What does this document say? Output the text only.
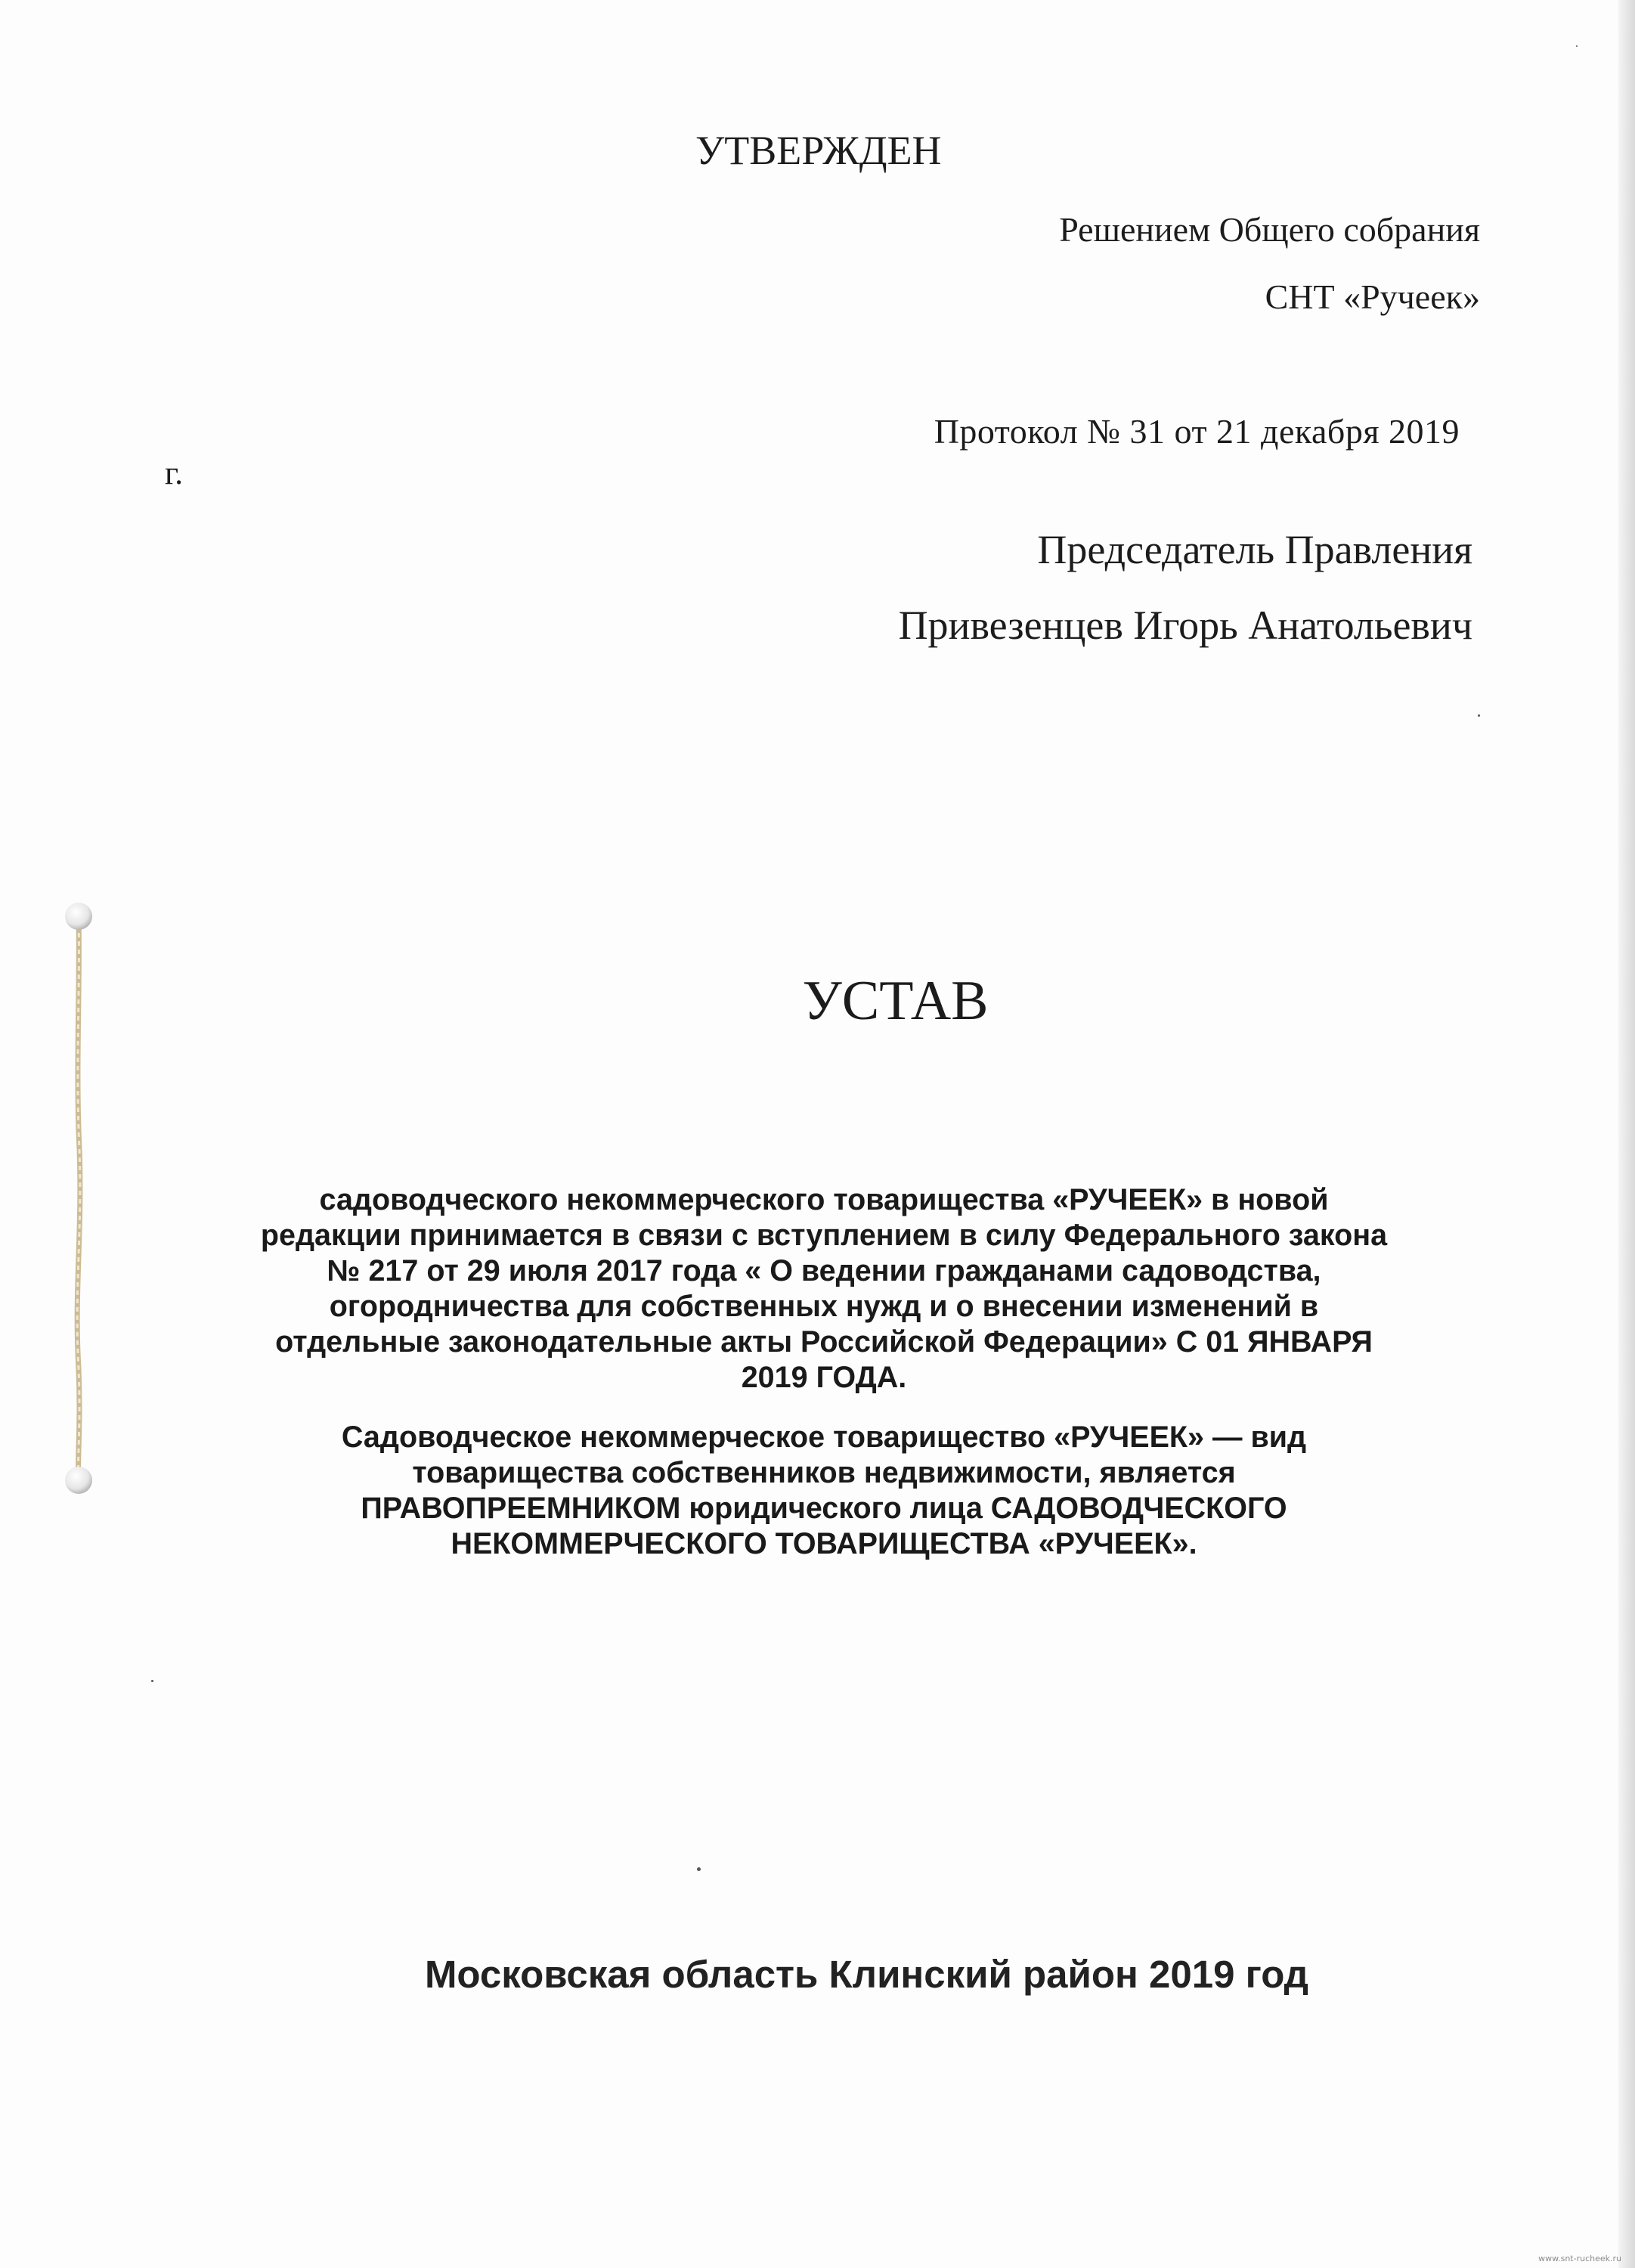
УТВЕРЖДЕН
Решением Общего собрания
СНТ «Ручеек»
Протокол № 31 от 21 декабря 2019
г.
Председатель Правления
Привезенцев Игорь Анатольевич
УСТАВ
садоводческого некоммерческого товарищества «РУЧЕЕК» в новой
редакции принимается в связи с вступлением в силу Федерального закона
№ 217 от 29 июля 2017 года « О ведении гражданами садоводства,
огородничества для собственных нужд и о внесении изменений в
отдельные законодательные акты Российской Федерации» С 01 ЯНВАРЯ
2019 ГОДА.
Садоводческое некоммерческое товарищество «РУЧЕЕК» — вид
товарищества собственников недвижимости, является
ПРАВОПРЕЕМНИКОМ юридического лица САДОВОДЧЕСКОГО
НЕКОММЕРЧЕСКОГО ТОВАРИЩЕСТВА «РУЧЕЕК».
Московская область Клинский район 2019 год
www.snt-rucheek.ru
